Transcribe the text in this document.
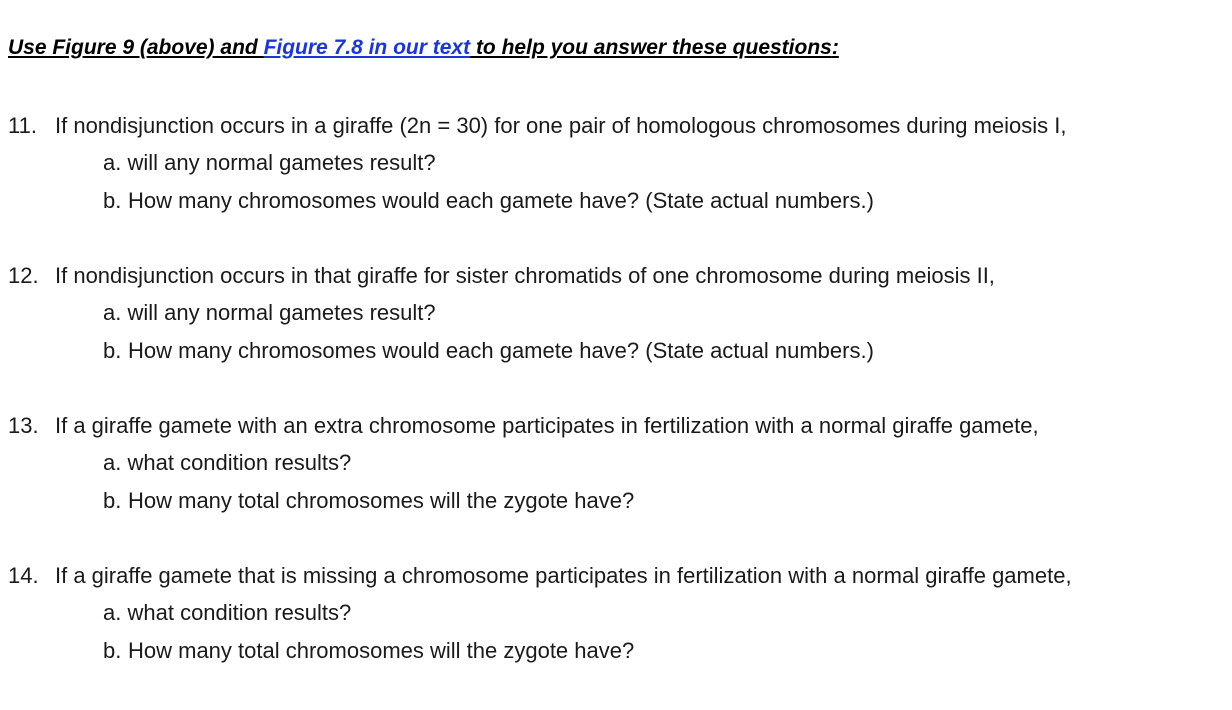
Use Figure 9 (above) and Figure 7.8 in our text to help you answer these questions:
11. If nondisjunction occurs in a giraffe (2n = 30) for one pair of homologous chromosomes during meiosis I,
a. will any normal gametes result?
b. How many chromosomes would each gamete have? (State actual numbers.)
12. If nondisjunction occurs in that giraffe for sister chromatids of one chromosome during meiosis II,
a. will any normal gametes result?
b. How many chromosomes would each gamete have? (State actual numbers.)
13. If a giraffe gamete with an extra chromosome participates in fertilization with a normal giraffe gamete,
a. what condition results?
b. How many total chromosomes will the zygote have?
14. If a giraffe gamete that is missing a chromosome participates in fertilization with a normal giraffe gamete,
a. what condition results?
b. How many total chromosomes will the zygote have?
